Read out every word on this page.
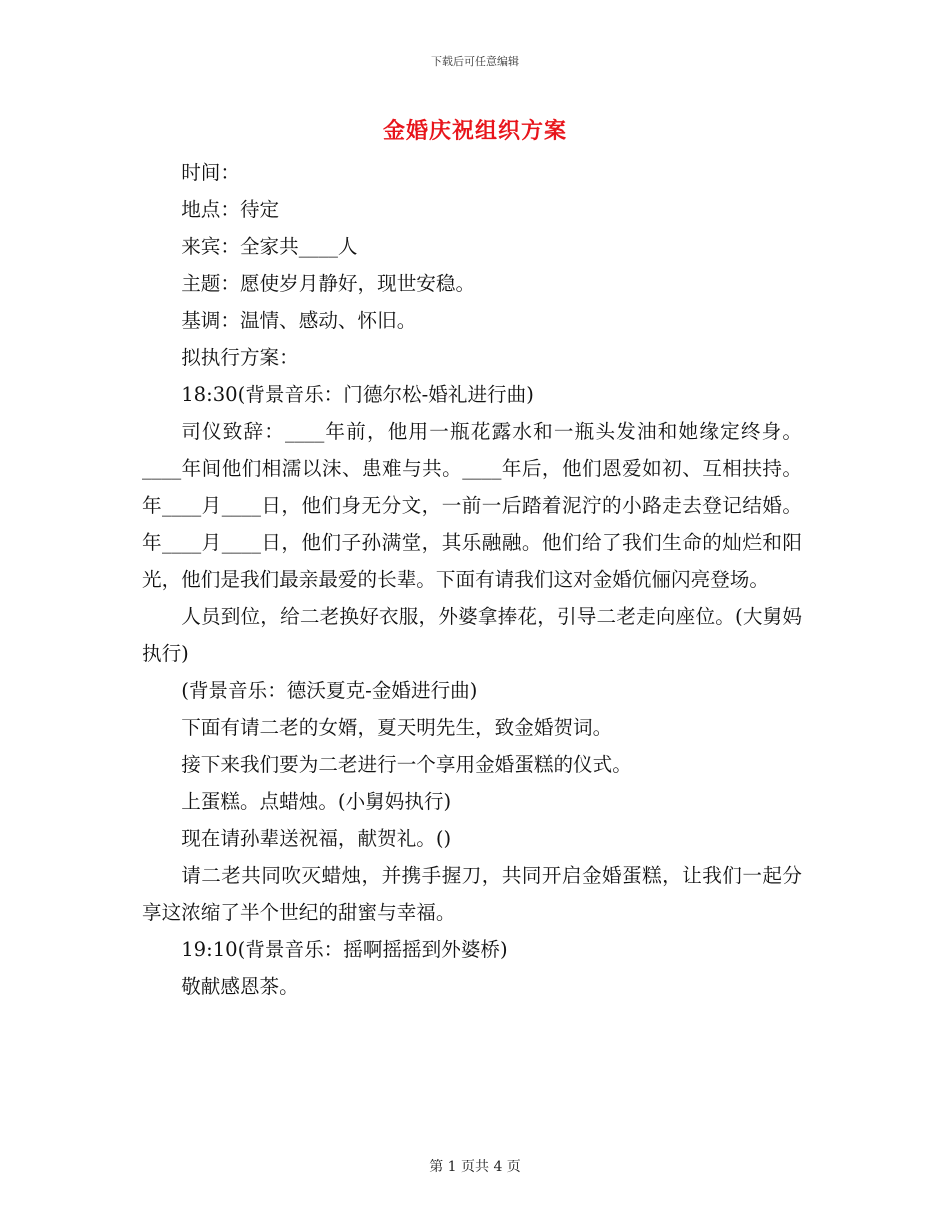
下载后可任意编辑
金婚庆祝组织方案

时间：

地点：待定

来宾：全家共____人

主题：愿使岁月静好，现世安稳。

基调：温情、感动、怀旧。

拟执行方案：

18:30(背景音乐：门德尔松-婚礼进行曲)

司仪致辞：____年前，他用一瓶花露水和一瓶头发油和她缘定终身。____年间他们相濡以沫、患难与共。____年后，他们恩爱如初、互相扶持。年____月____日，他们身无分文，一前一后踏着泥泞的小路走去登记结婚。年____月____日，他们子孙满堂，其乐融融。他们给了我们生命的灿烂和阳光，他们是我们最亲最爱的长辈。下面有请我们这对金婚伉俪闪亮登场。

人员到位，给二老换好衣服，外婆拿捧花，引导二老走向座位。(大舅妈执行)

(背景音乐：德沃夏克-金婚进行曲)

下面有请二老的女婿，夏天明先生，致金婚贺词。

接下来我们要为二老进行一个享用金婚蛋糕的仪式。

上蛋糕。点蜡烛。(小舅妈执行)

现在请孙辈送祝福，献贺礼。()

请二老共同吹灭蜡烛，并携手握刀，共同开启金婚蛋糕，让我们一起分享这浓缩了半个世纪的甜蜜与幸福。

19:10(背景音乐：摇啊摇摇到外婆桥)

敬献感恩茶。

第 1 页共 4 页
